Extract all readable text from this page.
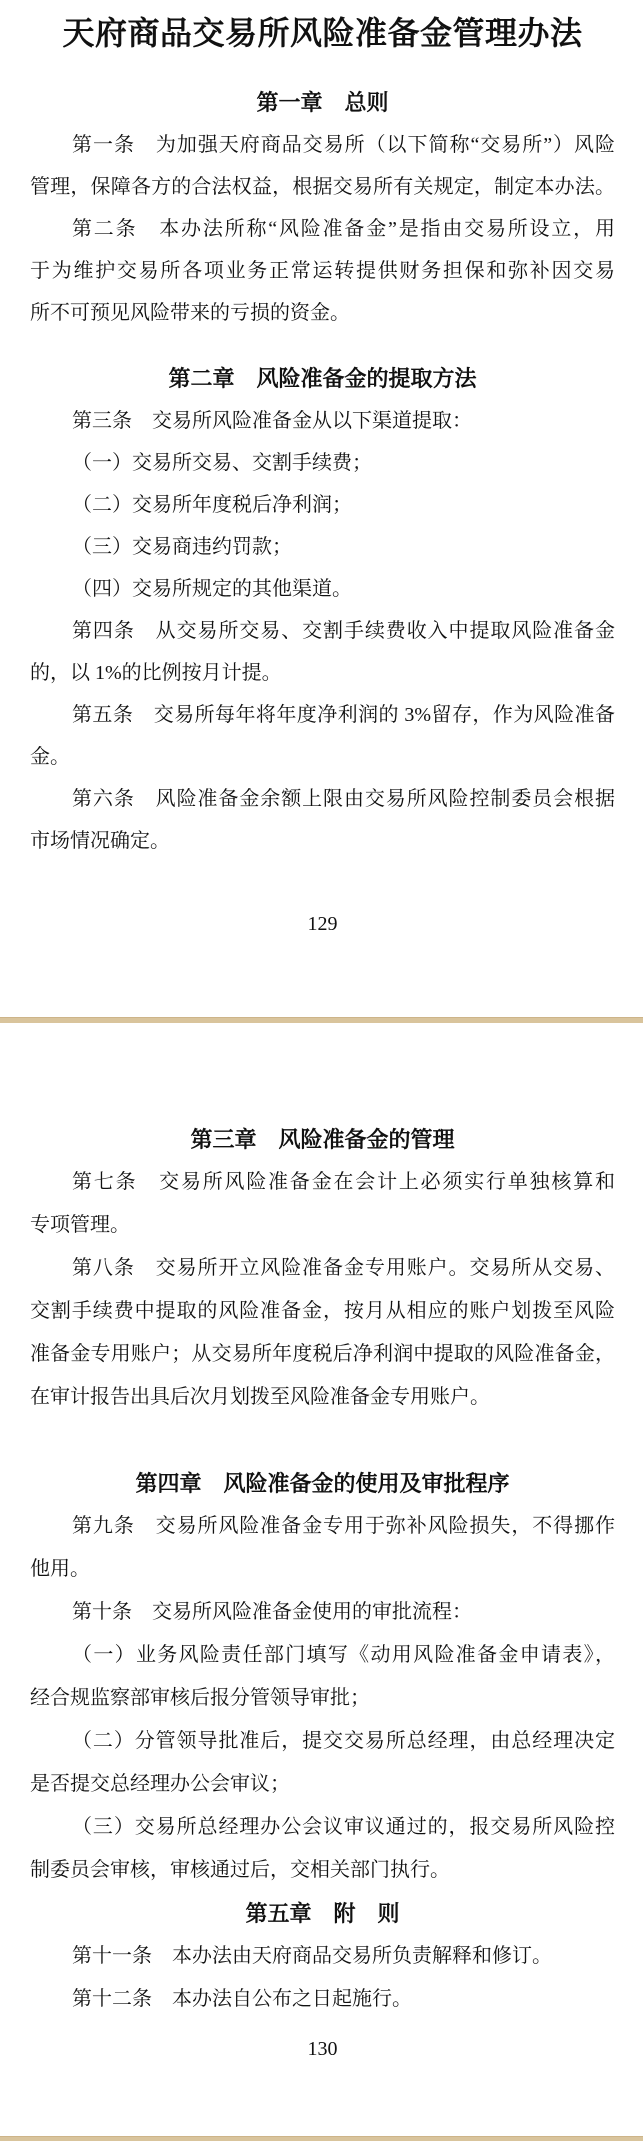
天府商品交易所风险准备金管理办法
第一章　总则
第一条　为加强天府商品交易所（以下简称“交易所”）风险
管理，保障各方的合法权益，根据交易所有关规定，制定本办法。
第二条　本办法所称“风险准备金”是指由交易所设立，用
于为维护交易所各项业务正常运转提供财务担保和弥补因交易
所不可预见风险带来的亏损的资金。
第二章　风险准备金的提取方法
第三条　交易所风险准备金从以下渠道提取：
（一）交易所交易、交割手续费；
（二）交易所年度税后净利润；
（三）交易商违约罚款；
（四）交易所规定的其他渠道。
第四条　从交易所交易、交割手续费收入中提取风险准备金
的，以 1%的比例按月计提。
第五条　交易所每年将年度净利润的 3%留存，作为风险准备
金。
第六条　风险准备金余额上限由交易所风险控制委员会根据
市场情况确定。
129
第三章　风险准备金的管理
第七条　交易所风险准备金在会计上必须实行单独核算和
专项管理。
第八条　交易所开立风险准备金专用账户。交易所从交易、
交割手续费中提取的风险准备金，按月从相应的账户划拨至风险
准备金专用账户；从交易所年度税后净利润中提取的风险准备金，
在审计报告出具后次月划拨至风险准备金专用账户。
第四章　风险准备金的使用及审批程序
第九条　交易所风险准备金专用于弥补风险损失，不得挪作
他用。
第十条　交易所风险准备金使用的审批流程：
（一）业务风险责任部门填写《动用风险准备金申请表》，
经合规监察部审核后报分管领导审批；
（二）分管领导批准后，提交交易所总经理，由总经理决定
是否提交总经理办公会审议；
（三）交易所总经理办公会议审议通过的，报交易所风险控
制委员会审核，审核通过后，交相关部门执行。
第五章　附　则
第十一条　本办法由天府商品交易所负责解释和修订。
第十二条　本办法自公布之日起施行。
130
